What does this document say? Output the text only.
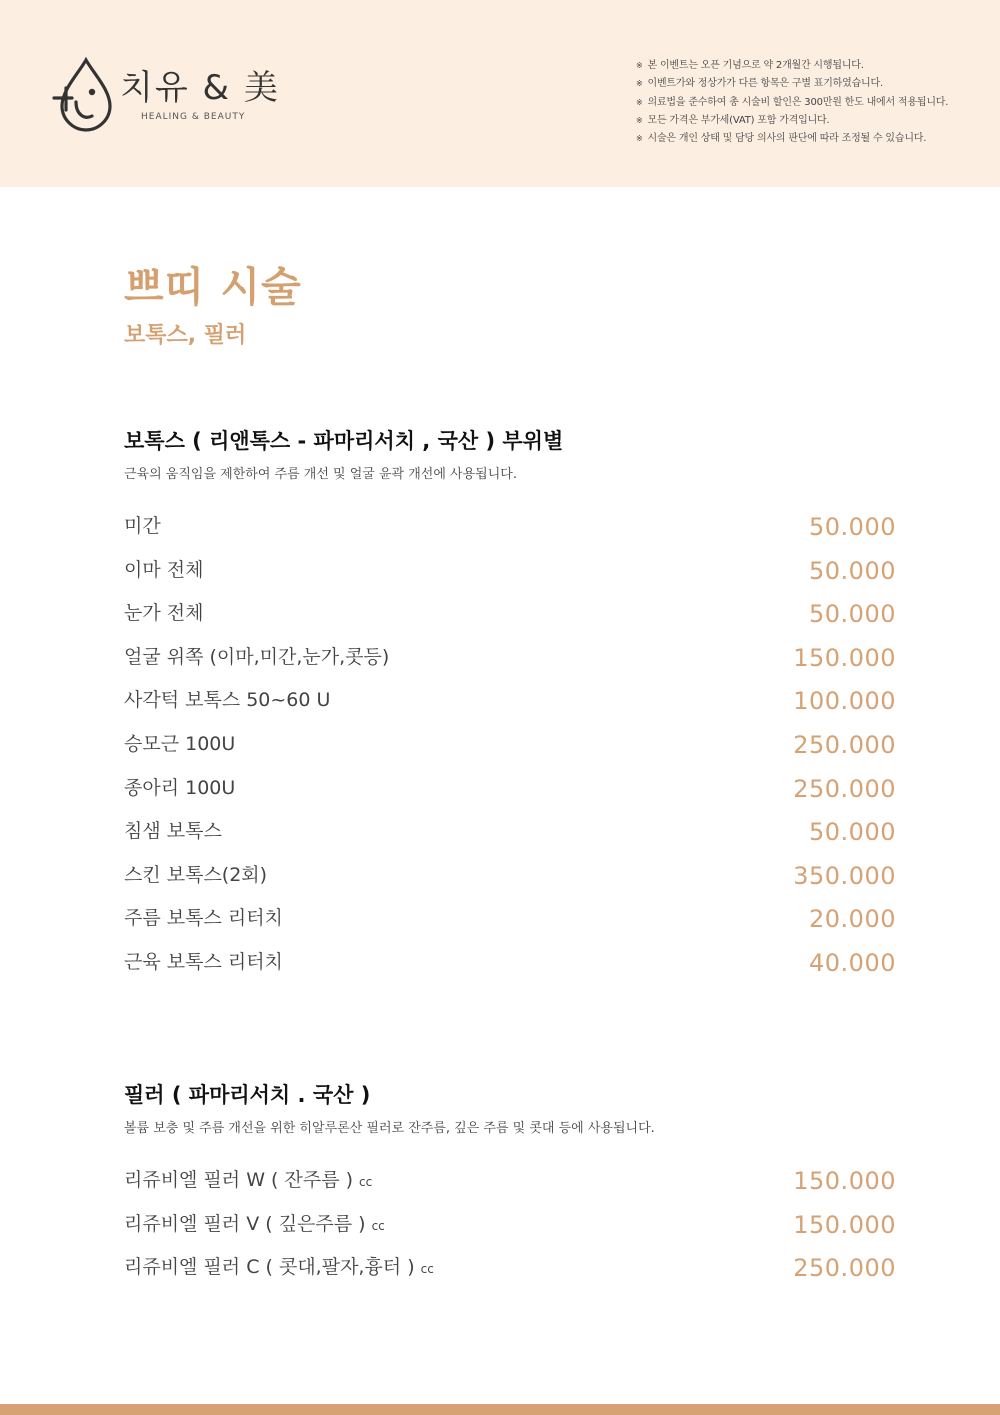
치유 & 美
HEALING & BEAUTY
※ 본 이벤트는 오픈 기념으로 약 2개월간 시행됩니다.
※ 이벤트가와 정상가가 다른 항목은 구별 표기하였습니다.
※ 의료법을 준수하여 총 시술비 할인은 300만원 한도 내에서 적용됩니다.
※ 모든 가격은 부가세(VAT) 포함 가격입니다.
※ 시술은 개인 상태 및 담당 의사의 판단에 따라 조정될 수 있습니다.
쁘띠 시술
보톡스, 필러
보톡스 ( 리앤톡스 - 파마리서치 , 국산 ) 부위별
근육의 움직임을 제한하여 주름 개선 및 얼굴 윤곽 개선에 사용됩니다.
미간	50.000
이마 전체	50.000
눈가 전체	50.000
얼굴 위쪽 (이마,미간,눈가,콧등)	150.000
사각턱 보톡스 50~60 U	100.000
승모근 100U	250.000
종아리 100U	250.000
침샘 보톡스	50.000
스킨 보톡스(2회)	350.000
주름 보톡스 리터치	20.000
근육 보톡스 리터치	40.000
필러 ( 파마리서치 . 국산 )
볼륨 보충 및 주름 개선을 위한 히알루론산 필러로 잔주름, 깊은 주름 및 콧대 등에 사용됩니다.
리쥬비엘 필러 W ( 잔주름 ) cc	150.000
리쥬비엘 필러 V ( 깊은주름 ) cc	150.000
리쥬비엘 필러 C ( 콧대,팔자,흉터 ) cc	250.000
